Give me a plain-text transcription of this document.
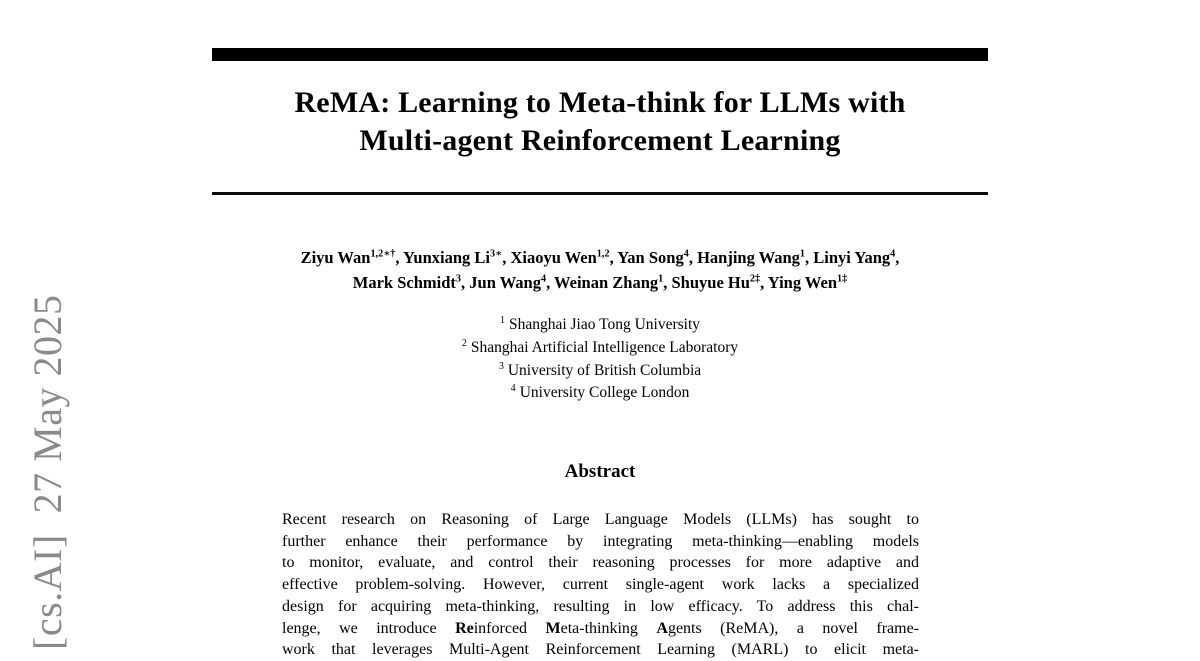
[cs.AI]  27 May 2025
ReMA: Learning to Meta-think for LLMs with
Multi-agent Reinforcement Learning
Ziyu Wan$^{1,2∗\dagger}$, Yunxiang $Li^{3∗}$, Xiaoyu Wen$^{1,2}$, Yan Song$^4$, Hanjing Wang$^1$, Linyi Yang$^4$,
Mark Schmidt$^3$, Jun Wang$^4$, Weinan Zhang$^1$, Shuyue $Hu^{2\ddagger}$, Ying Wen$^{1\ddagger}$
$^1$ Shanghai Jiao Tong University
$^2$ Shanghai Artificial Intelligence Laboratory
$^3$ University of British Columbia
$^4$ University College London
Abstract
Recent research on Reasoning of Large Language Models (LLMs) has sought to
further enhance their performance by integrating meta-thinking—enabling models
to monitor, evaluate, and control their reasoning processes for more adaptive and
effective problem-solving. However, current single-agent work lacks a specialized
design for acquiring meta-thinking, resulting in low efficacy. To address this chal-
lenge, we introduce Reinforced Meta-thinking Agents (ReMA), a novel frame-
work that leverages Multi-Agent Reinforcement Learning (MARL) to elicit meta-
